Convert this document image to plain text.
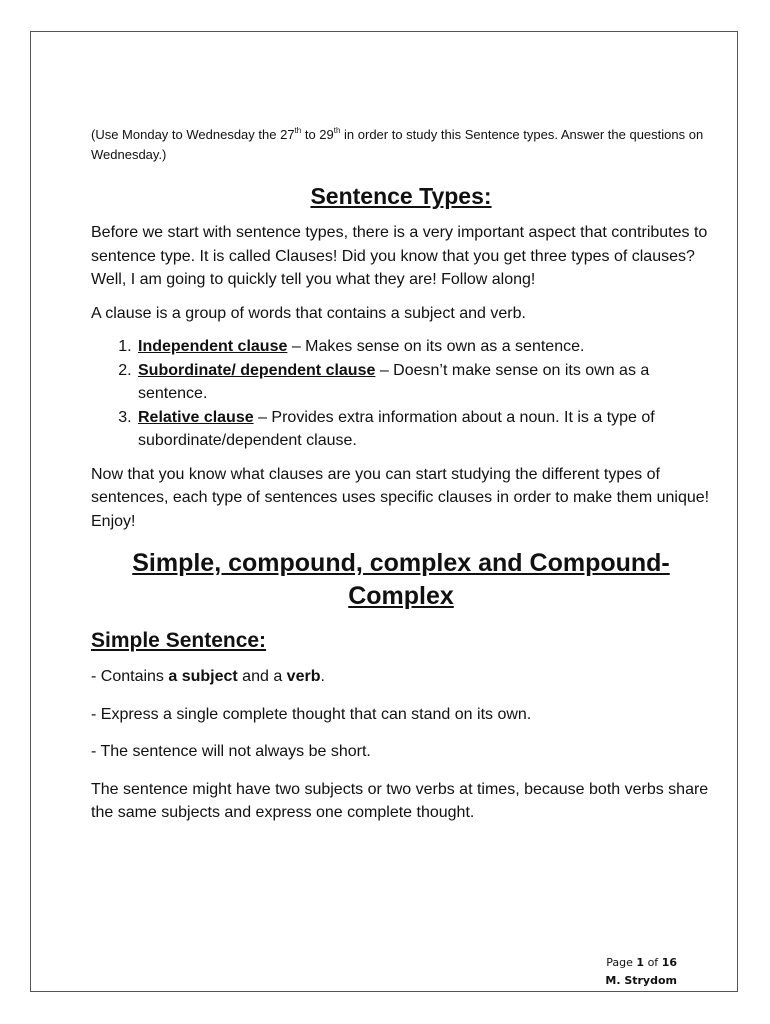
(Use Monday to Wednesday the 27th to 29th in order to study this Sentence types. Answer the questions on Wednesday.)

Sentence Types:

Before we start with sentence types, there is a very important aspect that contributes to sentence type. It is called Clauses! Did you know that you get three types of clauses? Well, I am going to quickly tell you what they are! Follow along!

A clause is a group of words that contains a subject and verb.

1. Independent clause – Makes sense on its own as a sentence.
2. Subordinate/ dependent clause – Doesn’t make sense on its own as a sentence.
3. Relative clause – Provides extra information about a noun. It is a type of subordinate/dependent clause.

Now that you know what clauses are you can start studying the different types of sentences, each type of sentences uses specific clauses in order to make them unique! Enjoy!

Simple, compound, complex and Compound-
Complex
Simple Sentence:

- Contains a subject and a verb.

- Express a single complete thought that can stand on its own.

- The sentence will not always be short.

The sentence might have two subjects or two verbs at times, because both verbs share the same subjects and express one complete thought.

Page 1 of 16
M. Strydom
